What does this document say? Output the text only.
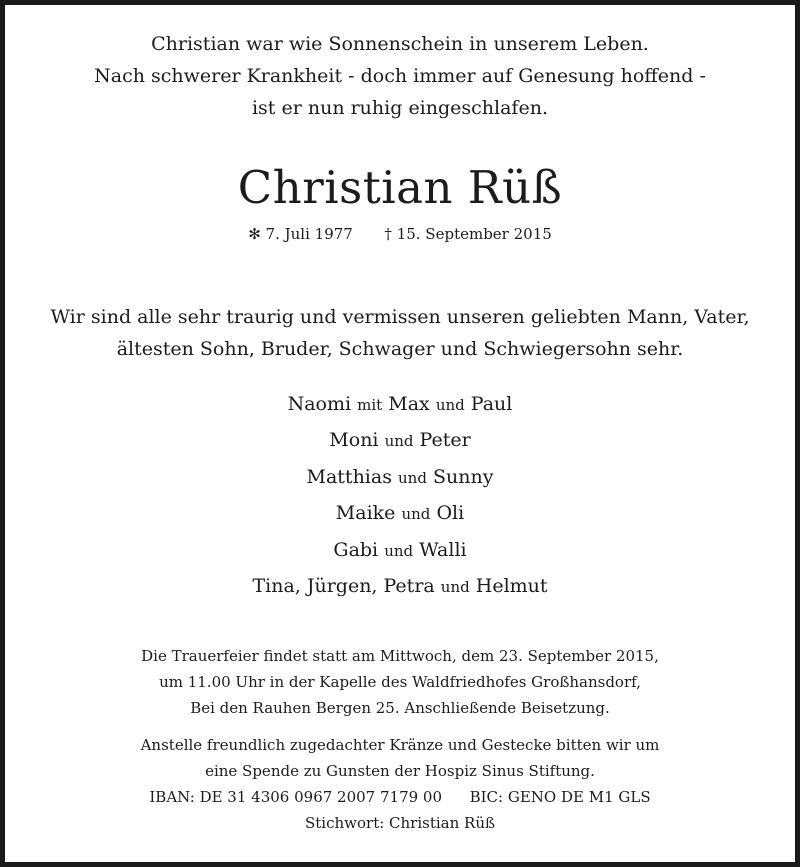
Christian war wie Sonnenschein in unserem Leben.
Nach schwerer Krankheit - doch immer auf Genesung hoffend -
ist er nun ruhig eingeschlafen.
Christian Rüß
✻ 7. Juli 1977 † 15. September 2015
Wir sind alle sehr traurig und vermissen unseren geliebten Mann, Vater,
ältesten Sohn, Bruder, Schwager und Schwiegersohn sehr.
Naomi mit Max und Paul
Moni und Peter
Matthias und Sunny
Maike und Oli
Gabi und Walli
Tina, Jürgen, Petra und Helmut
Die Trauerfeier findet statt am Mittwoch, dem 23. September 2015,
um 11.00 Uhr in der Kapelle des Waldfriedhofes Großhansdorf,
Bei den Rauhen Bergen 25. Anschließende Beisetzung.
Anstelle freundlich zugedachter Kränze und Gestecke bitten wir um
eine Spende zu Gunsten der Hospiz Sinus Stiftung.
IBAN: DE 31 4306 0967 2007 7179 00 BIC: GENO DE M1 GLS
Stichwort: Christian Rüß
